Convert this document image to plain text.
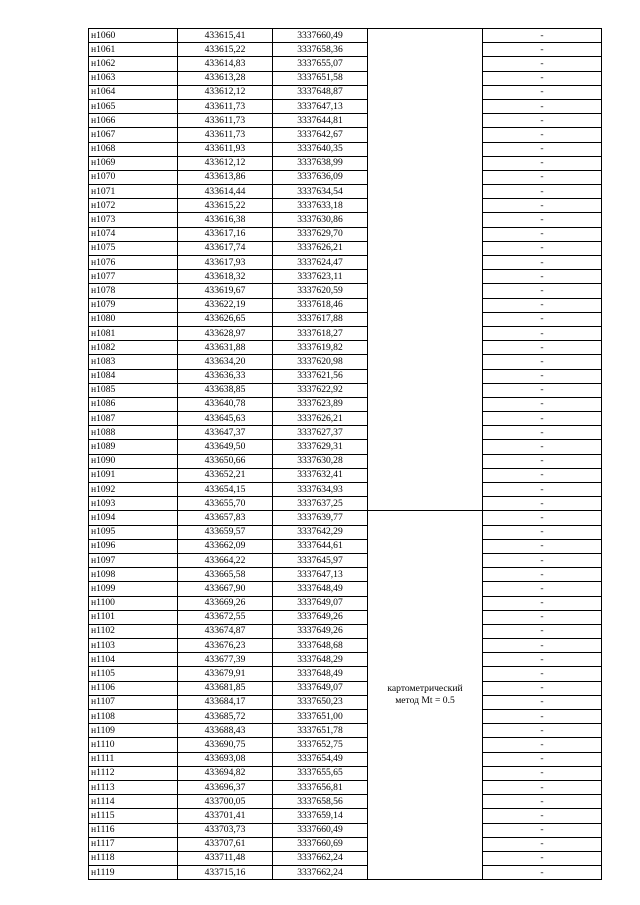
н1060	433615,41	3337660,49		-
н1061	433615,22	3337658,36		-
н1062	433614,83	3337655,07		-
н1063	433613,28	3337651,58		-
н1064	433612,12	3337648,87		-
н1065	433611,73	3337647,13		-
н1066	433611,73	3337644,81		-
н1067	433611,73	3337642,67		-
н1068	433611,93	3337640,35		-
н1069	433612,12	3337638,99		-
н1070	433613,86	3337636,09		-
н1071	433614,44	3337634,54		-
н1072	433615,22	3337633,18		-
н1073	433616,38	3337630,86		-
н1074	433617,16	3337629,70		-
н1075	433617,74	3337626,21		-
н1076	433617,93	3337624,47		-
н1077	433618,32	3337623,11		-
н1078	433619,67	3337620,59		-
н1079	433622,19	3337618,46		-
н1080	433626,65	3337617,88		-
н1081	433628,97	3337618,27		-
н1082	433631,88	3337619,82		-
н1083	433634,20	3337620,98		-
н1084	433636,33	3337621,56		-
н1085	433638,85	3337622,92		-
н1086	433640,78	3337623,89		-
н1087	433645,63	3337626,21		-
н1088	433647,37	3337627,37		-
н1089	433649,50	3337629,31		-
н1090	433650,66	3337630,28		-
н1091	433652,21	3337632,41		-
н1092	433654,15	3337634,93		-
н1093	433655,70	3337637,25		-
н1094	433657,83	3337639,77	картометрический
метод Mt = 0.5	-
н1095	433659,57	3337642,29		-
н1096	433662,09	3337644,61		-
н1097	433664,22	3337645,97		-
н1098	433665,58	3337647,13		-
н1099	433667,90	3337648,49		-
н1100	433669,26	3337649,07		-
н1101	433672,55	3337649,26		-
н1102	433674,87	3337649,26		-
н1103	433676,23	3337648,68		-
н1104	433677,39	3337648,29		-
н1105	433679,91	3337648,49		-
н1106	433681,85	3337649,07		-
н1107	433684,17	3337650,23		-
н1108	433685,72	3337651,00		-
н1109	433688,43	3337651,78		-
н1110	433690,75	3337652,75		-
н1111	433693,08	3337654,49		-
н1112	433694,82	3337655,65		-
н1113	433696,37	3337656,81		-
н1114	433700,05	3337658,56		-
н1115	433701,41	3337659,14		-
н1116	433703,73	3337660,49		-
н1117	433707,61	3337660,69		-
н1118	433711,48	3337662,24		-
н1119	433715,16	3337662,24		-
